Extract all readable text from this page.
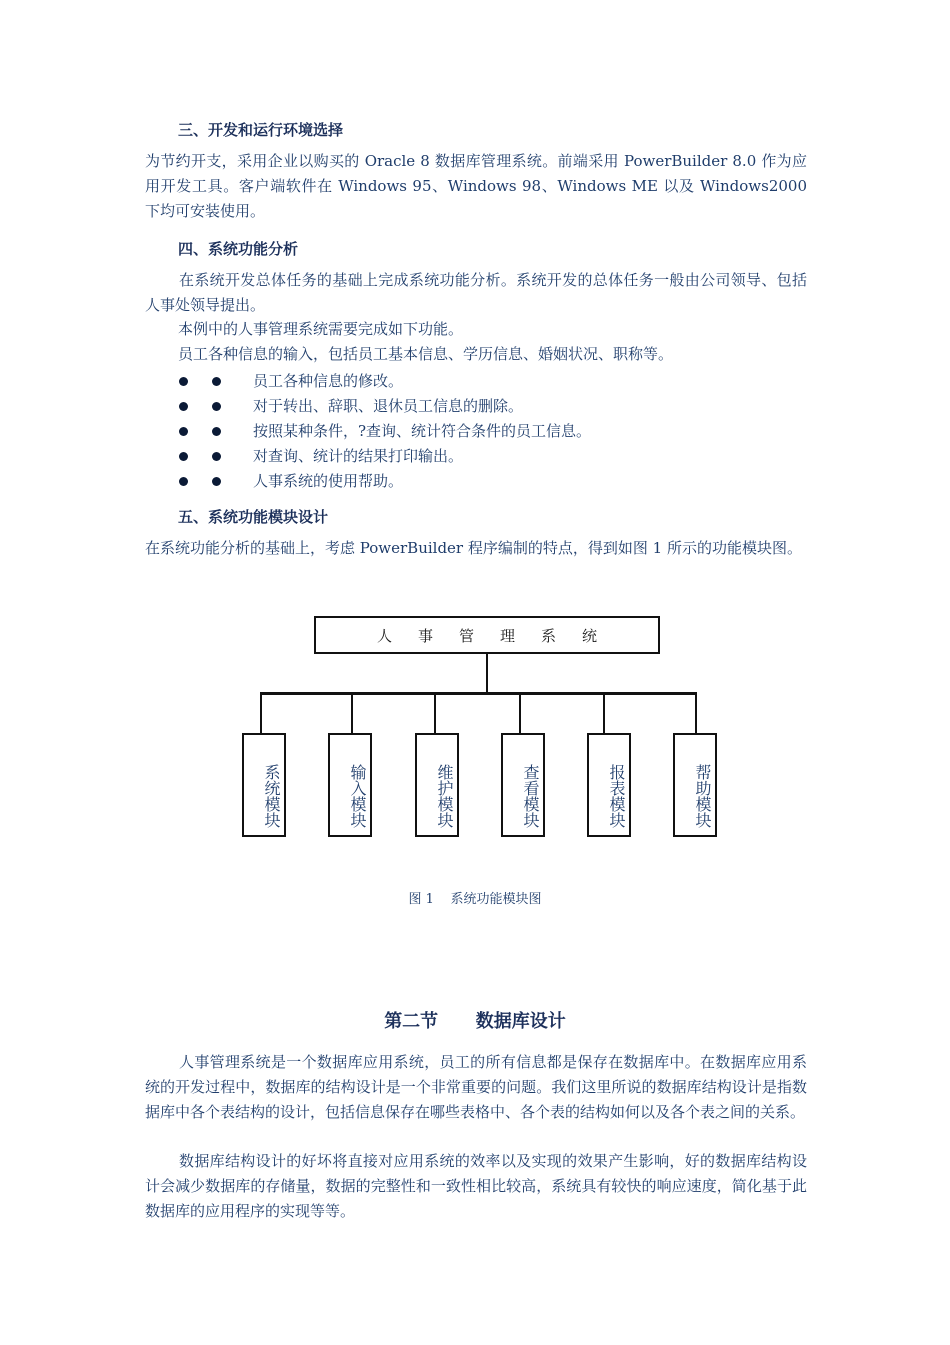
三、开发和运行环境选择

为节约开支，采用企业以购买的 Oracle 8 数据库管理系统。前端采用 PowerBuilder 8.0 作为应用开发工具。客户端软件在 Windows 95、Windows 98、Windows ME 以及 Windows2000 下均可安装使用。

四、系统功能分析

在系统开发总体任务的基础上完成系统功能分析。系统开发的总体任务一般由公司领导、包括人事处领导提出。

本例中的人事管理系统需要完成如下功能。
员工各种信息的输入，包括员工基本信息、学历信息、婚姻状况、职称等。
员工各种信息的修改。
对于转出、辞职、退休员工信息的删除。
按照某种条件，?查询、统计符合条件的员工信息。
对查询、统计的结果打印输出。
人事系统的使用帮助。
五、系统功能模块设计

在系统功能分析的基础上，考虑 PowerBuilder 程序编制的特点，得到如图 1 所示的功能模块图。

人事管理系统
系统模块	输入模块	维护模块	查看模块	报表模块	帮助模块
图 1    系统功能模块图
第二节      数据库设计

人事管理系统是一个数据库应用系统，员工的所有信息都是保存在数据库中。在数据库应用系统的开发过程中，数据库的结构设计是一个非常重要的问题。我们这里所说的数据库结构设计是指数据库中各个表结构的设计，包括信息保存在哪些表格中、各个表的结构如何以及各个表之间的关系。

数据库结构设计的好坏将直接对应用系统的效率以及实现的效果产生影响，好的数据库结构设计会减少数据库的存储量，数据的完整性和一致性相比较高，系统具有较快的响应速度，简化基于此数据库的应用程序的实现等等。
